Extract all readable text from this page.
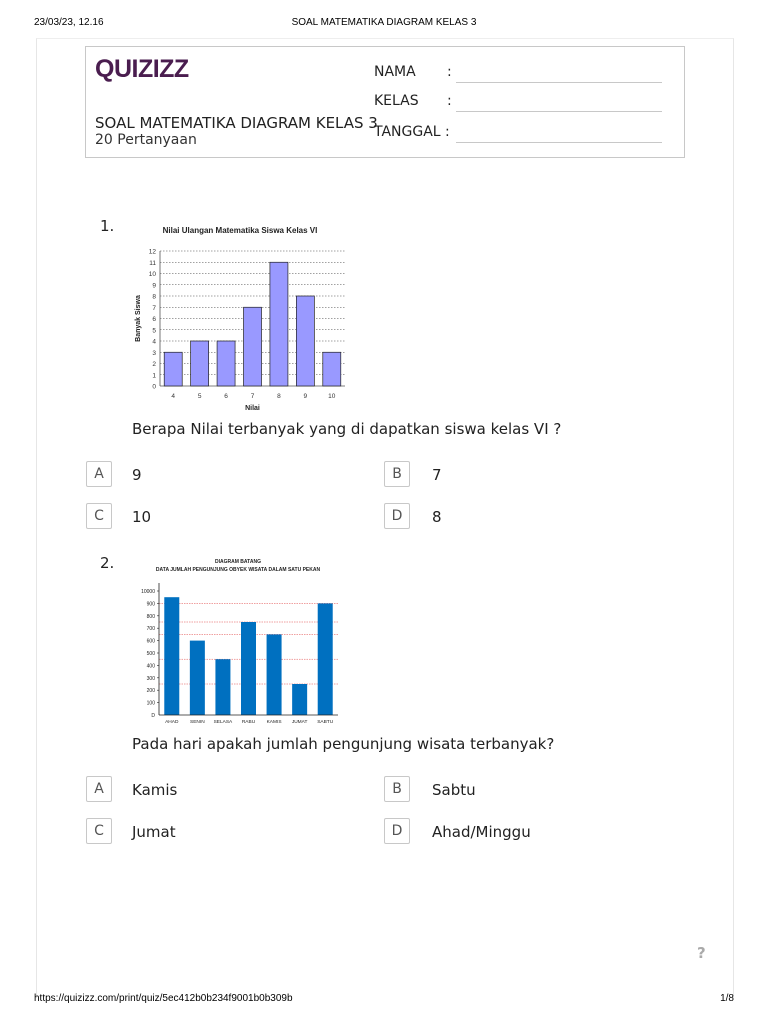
23/03/23, 12.16	SOAL MATEMATIKA DIAGRAM KELAS 3
QUIZIZZ
SOAL MATEMATIKA DIAGRAM KELAS 3
20 Pertanyaan
NAMA :
KELAS :
TANGGAL :
1.	Nilai Ulangan Matematika Siswa Kelas VI
0
1
2
3
4
5
6
7
8
9
10
11
12
4	5	6	7	8	9	10
Nilai
Banyak Siswa
Berapa Nilai terbanyak yang di dapatkan siswa kelas VI ?
A	9	B	7
C	10	D	8
2.	DIAGRAM BATANG
DATA JUMLAH PENGUNJUNG OBYEK WISATA DALAM SATU PEKAN
D
100
200
300
400
500
600
700
800
900
10000
AHAD SENIN SELASA RABU KAMIS JUMAT SABTU
Pada hari apakah jumlah pengunjung wisata terbanyak?
A	Kamis	B	Sabtu
C	Jumat	D	Ahad/Minggu
?
https://quizizz.com/print/quiz/5ec412b0b234f9001b0b309b	1/8
